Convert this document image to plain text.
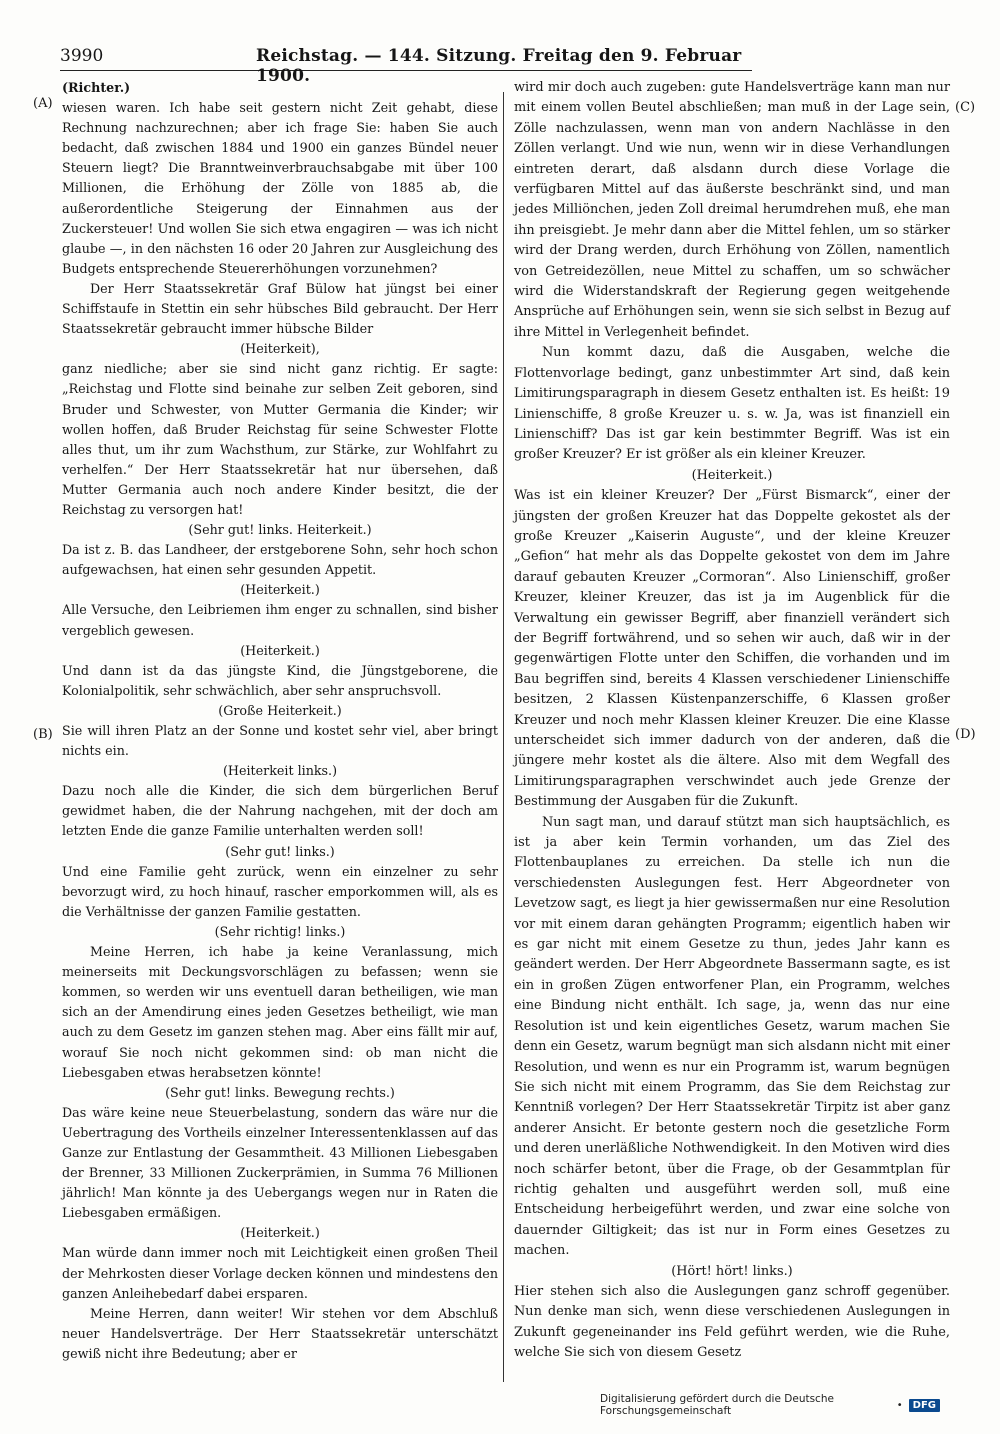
3990	Reichstag. — 144. Sitzung. Freitag den 9. Februar 1900.
(A)
(B)
(C)
(D)

(Richter.)

wiesen waren. Ich habe seit gestern nicht Zeit gehabt, diese Rechnung nachzurechnen; aber ich frage Sie: haben Sie auch bedacht, daß zwischen 1884 und 1900 ein ganzes Bündel neuer Steuern liegt? Die Branntweinverbrauchsabgabe mit über 100 Millionen, die Erhöhung der Zölle von 1885 ab, die außerordentliche Steigerung der Einnahmen aus der Zuckersteuer! Und wollen Sie sich etwa engagiren — was ich nicht glaube —, in den nächsten 16 oder 20 Jahren zur Ausgleichung des Budgets entsprechende Steuererhöhungen vorzunehmen?

Der Herr Staatssekretär Graf Bülow hat jüngst bei einer Schiffstaufe in Stettin ein sehr hübsches Bild gebraucht. Der Herr Staatssekretär gebraucht immer hübsche Bilder

(Heiterkeit),

ganz niedliche; aber sie sind nicht ganz richtig. Er sagte: „Reichstag und Flotte sind beinahe zur selben Zeit geboren, sind Bruder und Schwester, von Mutter Germania die Kinder; wir wollen hoffen, daß Bruder Reichstag für seine Schwester Flotte alles thut, um ihr zum Wachsthum, zur Stärke, zur Wohlfahrt zu verhelfen.“ Der Herr Staatssekretär hat nur übersehen, daß Mutter Germania auch noch andere Kinder besitzt, die der Reichstag zu versorgen hat!

(Sehr gut! links. Heiterkeit.)

Da ist z. B. das Landheer, der erstgeborene Sohn, sehr hoch schon aufgewachsen, hat einen sehr gesunden Appetit.

(Heiterkeit.)

Alle Versuche, den Leibriemen ihm enger zu schnallen, sind bisher vergeblich gewesen.

(Heiterkeit.)

Und dann ist da das jüngste Kind, die Jüngstgeborene, die Kolonialpolitik, sehr schwächlich, aber sehr anspruchsvoll.

(Große Heiterkeit.)

Sie will ihren Platz an der Sonne und kostet sehr viel, aber bringt nichts ein.

(Heiterkeit links.)

Dazu noch alle die Kinder, die sich dem bürgerlichen Beruf gewidmet haben, die der Nahrung nachgehen, mit der doch am letzten Ende die ganze Familie unterhalten werden soll!

(Sehr gut! links.)

Und eine Familie geht zurück, wenn ein einzelner zu sehr bevorzugt wird, zu hoch hinauf, rascher emporkommen will, als es die Verhältnisse der ganzen Familie gestatten.

(Sehr richtig! links.)

Meine Herren, ich habe ja keine Veranlassung, mich meinerseits mit Deckungsvorschlägen zu befassen; wenn sie kommen, so werden wir uns eventuell daran betheiligen, wie man sich an der Amendirung eines jeden Gesetzes betheiligt, wie man auch zu dem Gesetz im ganzen stehen mag. Aber eins fällt mir auf, worauf Sie noch nicht gekommen sind: ob man nicht die Liebesgaben etwas herabsetzen könnte!

(Sehr gut! links. Bewegung rechts.)

Das wäre keine neue Steuerbelastung, sondern das wäre nur die Uebertragung des Vortheils einzelner Interessentenklassen auf das Ganze zur Entlastung der Gesammtheit. 43 Millionen Liebesgaben der Brenner, 33 Millionen Zuckerprämien, in Summa 76 Millionen jährlich! Man könnte ja des Uebergangs wegen nur in Raten die Liebesgaben ermäßigen.

(Heiterkeit.)

Man würde dann immer noch mit Leichtigkeit einen großen Theil der Mehrkosten dieser Vorlage decken können und mindestens den ganzen Anleihebedarf dabei ersparen.

Meine Herren, dann weiter! Wir stehen vor dem Abschluß neuer Handelsverträge. Der Herr Staatssekretär unterschätzt gewiß nicht ihre Bedeutung; aber er

wird mir doch auch zugeben: gute Handelsverträge kann man nur mit einem vollen Beutel abschließen; man muß in der Lage sein, Zölle nachzulassen, wenn man von andern Nachlässe in den Zöllen verlangt. Und wie nun, wenn wir in diese Verhandlungen eintreten derart, daß alsdann durch diese Vorlage die verfügbaren Mittel auf das äußerste beschränkt sind, und man jedes Milliönchen, jeden Zoll dreimal herumdrehen muß, ehe man ihn preisgiebt. Je mehr dann aber die Mittel fehlen, um so stärker wird der Drang werden, durch Erhöhung von Zöllen, namentlich von Getreidezöllen, neue Mittel zu schaffen, um so schwächer wird die Widerstandskraft der Regierung gegen weitgehende Ansprüche auf Erhöhungen sein, wenn sie sich selbst in Bezug auf ihre Mittel in Verlegenheit befindet.

Nun kommt dazu, daß die Ausgaben, welche die Flottenvorlage bedingt, ganz unbestimmter Art sind, daß kein Limitirungsparagraph in diesem Gesetz enthalten ist. Es heißt: 19 Linienschiffe, 8 große Kreuzer u. s. w. Ja, was ist finanziell ein Linienschiff? Das ist gar kein bestimmter Begriff. Was ist ein großer Kreuzer? Er ist größer als ein kleiner Kreuzer.

(Heiterkeit.)

Was ist ein kleiner Kreuzer? Der „Fürst Bismarck“, einer der jüngsten der großen Kreuzer hat das Doppelte gekostet als der große Kreuzer „Kaiserin Auguste“, und der kleine Kreuzer „Gefion“ hat mehr als das Doppelte gekostet von dem im Jahre darauf gebauten Kreuzer „Cormoran“. Also Linienschiff, großer Kreuzer, kleiner Kreuzer, das ist ja im Augenblick für die Verwaltung ein gewisser Begriff, aber finanziell verändert sich der Begriff fortwährend, und so sehen wir auch, daß wir in der gegenwärtigen Flotte unter den Schiffen, die vorhanden und im Bau begriffen sind, bereits 4 Klassen verschiedener Linienschiffe besitzen, 2 Klassen Küstenpanzerschiffe, 6 Klassen großer Kreuzer und noch mehr Klassen kleiner Kreuzer. Die eine Klasse unterscheidet sich immer dadurch von der anderen, daß die jüngere mehr kostet als die ältere. Also mit dem Wegfall des Limitirungsparagraphen verschwindet auch jede Grenze der Bestimmung der Ausgaben für die Zukunft.

Nun sagt man, und darauf stützt man sich hauptsächlich, es ist ja aber kein Termin vorhanden, um das Ziel des Flottenbauplanes zu erreichen. Da stelle ich nun die verschiedensten Auslegungen fest. Herr Abgeordneter von Levetzow sagt, es liegt ja hier gewissermaßen nur eine Resolution vor mit einem daran gehängten Programm; eigentlich haben wir es gar nicht mit einem Gesetze zu thun, jedes Jahr kann es geändert werden. Der Herr Abgeordnete Bassermann sagte, es ist ein in großen Zügen entworfener Plan, ein Programm, welches eine Bindung nicht enthält. Ich sage, ja, wenn das nur eine Resolution ist und kein eigentliches Gesetz, warum machen Sie denn ein Gesetz, warum begnügt man sich alsdann nicht mit einer Resolution, und wenn es nur ein Programm ist, warum begnügen Sie sich nicht mit einem Programm, das Sie dem Reichstag zur Kenntniß vorlegen? Der Herr Staatssekretär Tirpitz ist aber ganz anderer Ansicht. Er betonte gestern noch die gesetzliche Form und deren unerläßliche Nothwendigkeit. In den Motiven wird dies noch schärfer betont, über die Frage, ob der Gesammtplan für richtig gehalten und ausgeführt werden soll, muß eine Entscheidung herbeigeführt werden, und zwar eine solche von dauernder Giltigkeit; das ist nur in Form eines Gesetzes zu machen.

(Hört! hört! links.)

Hier stehen sich also die Auslegungen ganz schroff gegenüber. Nun denke man sich, wenn diese verschiedenen Auslegungen in Zukunft gegeneinander ins Feld geführt werden, wie die Ruhe, welche Sie sich von diesem Gesetz

Digitalisierung gefördert durch die Deutsche Forschungsgemeinschaft	•	DFG
